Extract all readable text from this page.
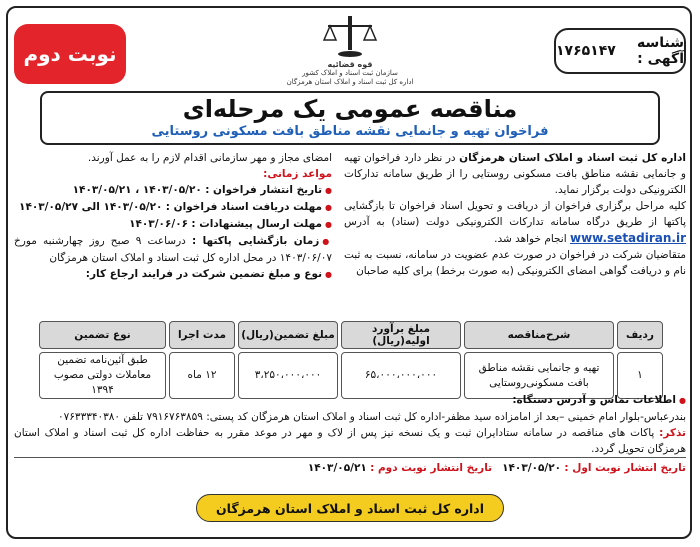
نوبت دوم	شناسه آگهی :

۱۷۶۵۱۴۷
قوه قضائیه
سازمان ثبت اسناد و املاک کشور
اداره کل ثبت اسناد و املاک استان هرمزگان
مناقصه عمومی یک مرحله‌ای
فراخوان تهیه و جانمایی نقشه مناطق بافت مسکونی روستایی

اداره کل ثبت اسناد و املاک استان هرمزگان در نظر دارد فراخوان تهیه و جانمایی نقشه مناطق بافت مسکونی روستایی را از طریق سامانه تدارکات الکترونیکی دولت برگزار نماید.

کلیه مراحل برگزاری فراخوان از دریافت و تحویل اسناد فراخوان تا بازگشایی پاکتها از طریق درگاه سامانه تدارکات الکترونیکی دولت (ستاد) به آدرس www.setadiran.ir انجام خواهد شد.

متقاضیان شرکت در فراخوان در صورت عدم عضویت در سامانه، نسبت به ثبت نام و دریافت گواهی امضای الکترونیکی (به صورت برخط) برای کلیه صاحبان

امضای مجاز و مهر سازمانی اقدام لازم را به عمل آورند.

مواعد زمانی:

● تاریخ انتشار فراخوان : ۱۴۰۳/۰۵/۲۰ ، ۱۴۰۳/۰۵/۲۱

● مهلت دریافت اسناد فراخوان : ۱۴۰۳/۰۵/۲۰ الی ۱۴۰۳/۰۵/۲۷

● مهلت ارسال پیشنهادات : ۱۴۰۳/۰۶/۰۶

● زمان بازگشایی پاکتها : درساعت ۹ صبح روز چهارشنبه مورخ ۱۴۰۳/۰۶/۰۷ در محل اداره کل ثبت اسناد و املاک استان هرمزگان

● نوع و مبلغ تضمین شرکت در فرایند ارجاع کار:

ردیف	شرح‌مناقصه	مبلغ برآورد اولیه(ریال)	مبلغ تضمین(ریال)	مدت اجرا	نوع تضمین
۱	تهیه و جانمایی نقشه مناطق بافت مسکونی‌روستایی	۶۵،۰۰۰،۰۰۰،۰۰۰	۳،۲۵۰،۰۰۰،۰۰۰	۱۲ ماه	طبق آئین‌نامه تضمین معاملات دولتی مصوب ۱۳۹۴

● اطلاعات تماس و آدرس دستگاه:

بندرعباس-بلوار امام خمینی –بعد از امامزاده سید مظفر-اداره کل ثبت اسناد و املاک استان هرمزگان کد پستی: ۷۹۱۶۷۶۳۸۵۹ تلفن ۰۷۶۳۳۳۴۰۳۸۰

تذکر: پاکات های مناقصه در سامانه ستادایران ثبت و یک نسخه نیز پس از لاک و مهر در موعد مقرر به حفاظت اداره کل ثبت اسناد و املاک استان هرمزگان تحویل گردد.

تاریخ انتشار نوبت اول : ۱۴۰۳/۰۵/۲۰   تاریخ انتشار نوبت دوم : ۱۴۰۳/۰۵/۲۱

اداره کل ثبت اسناد و املاک استان هرمزگان
